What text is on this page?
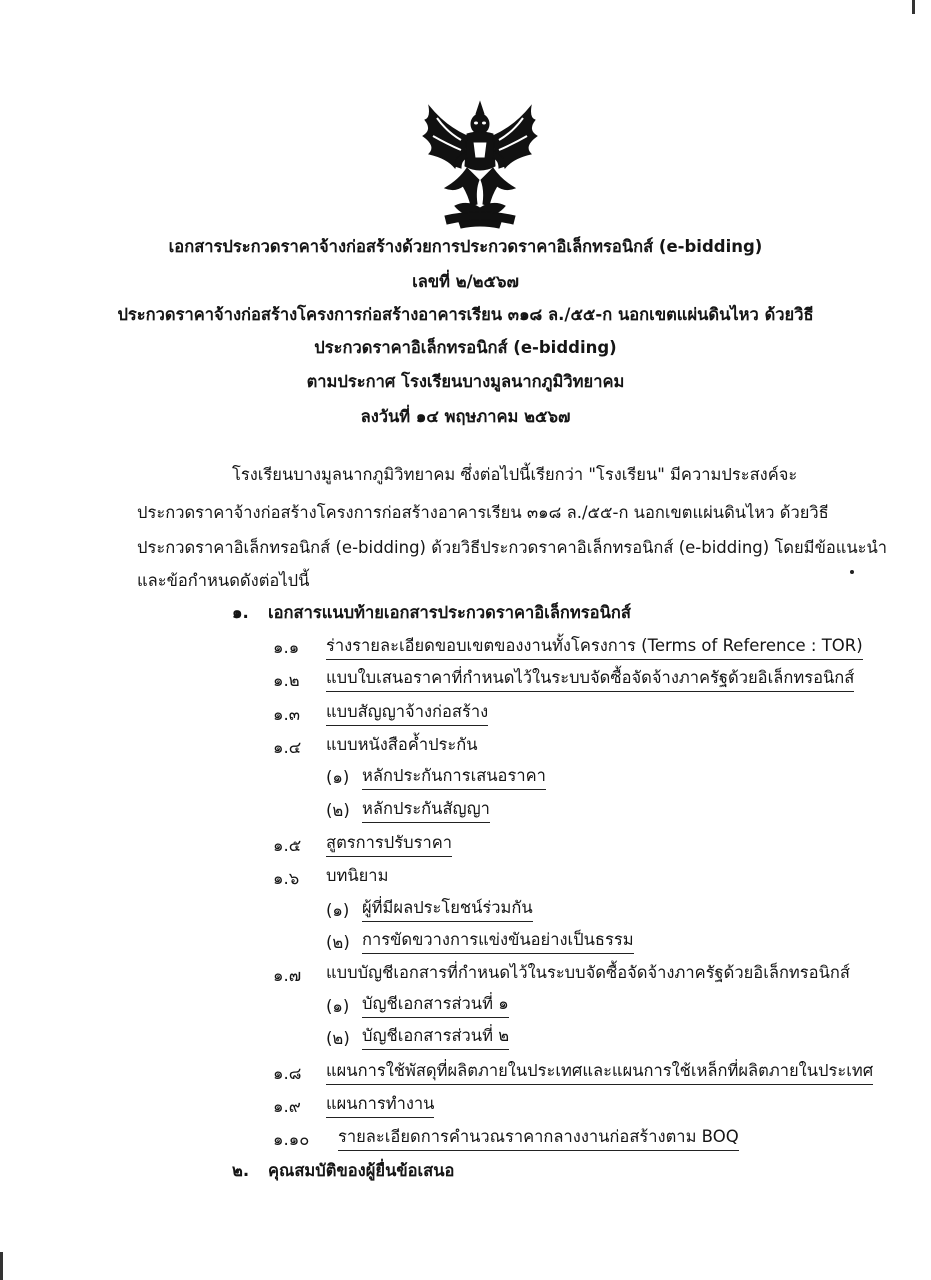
เอกสารประกวดราคาจ้างก่อสร้างด้วยการประกวดราคาอิเล็กทรอนิกส์ (e-bidding)
เลขที่ ๒/๒๕๖๗
ประกวดราคาจ้างก่อสร้างโครงการก่อสร้างอาคารเรียน ๓๑๘ ล./๕๕-ก นอกเขตแผ่นดินไหว ด้วยวิธี
ประกวดราคาอิเล็กทรอนิกส์ (e-bidding)
ตามประกาศ โรงเรียนบางมูลนากภูมิวิทยาคม
ลงวันที่ ๑๔ พฤษภาคม ๒๕๖๗
โรงเรียนบางมูลนากภูมิวิทยาคม ซึ่งต่อไปนี้เรียกว่า "โรงเรียน" มีความประสงค์จะ
ประกวดราคาจ้างก่อสร้างโครงการก่อสร้างอาคารเรียน ๓๑๘ ล./๕๕-ก นอกเขตแผ่นดินไหว ด้วยวิธี
ประกวดราคาอิเล็กทรอนิกส์ (e-bidding) ด้วยวิธีประกวดราคาอิเล็กทรอนิกส์ (e-bidding) โดยมีข้อแนะนำ
และข้อกำหนดดังต่อไปนี้
๑. เอกสารแนบท้ายเอกสารประกวดราคาอิเล็กทรอนิกส์
๑.๑ ร่างรายละเอียดขอบเขตของงานทั้งโครงการ (Terms of Reference : TOR)
๑.๒ แบบใบเสนอราคาที่กำหนดไว้ในระบบจัดซื้อจัดจ้างภาครัฐด้วยอิเล็กทรอนิกส์
๑.๓ แบบสัญญาจ้างก่อสร้าง
๑.๔ แบบหนังสือค้ำประกัน
(๑) หลักประกันการเสนอราคา
(๒) หลักประกันสัญญา
๑.๕ สูตรการปรับราคา
๑.๖ บทนิยาม
(๑) ผู้ที่มีผลประโยชน์ร่วมกัน
(๒) การขัดขวางการแข่งขันอย่างเป็นธรรม
๑.๗ แบบบัญชีเอกสารที่กำหนดไว้ในระบบจัดซื้อจัดจ้างภาครัฐด้วยอิเล็กทรอนิกส์
(๑) บัญชีเอกสารส่วนที่ ๑
(๒) บัญชีเอกสารส่วนที่ ๒
๑.๘ แผนการใช้พัสดุที่ผลิตภายในประเทศและแผนการใช้เหล็กที่ผลิตภายในประเทศ
๑.๙ แผนการทำงาน
๑.๑๐ รายละเอียดการคำนวณราคากลางงานก่อสร้างตาม BOQ
๒. คุณสมบัติของผู้ยื่นข้อเสนอ
